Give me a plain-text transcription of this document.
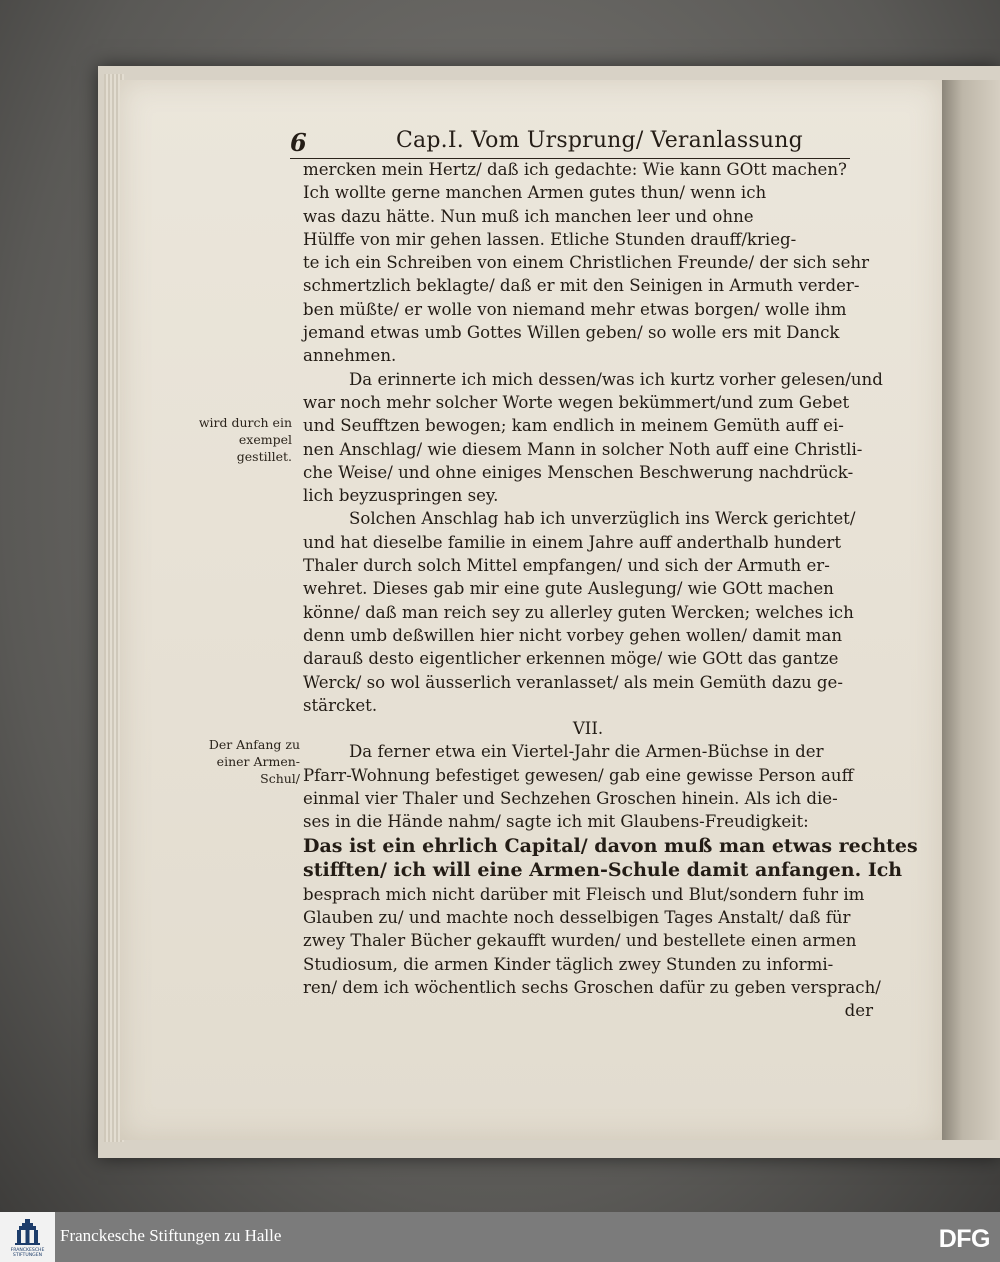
6	Cap.I. Vom Ursprung/ Veranlassung
mercken mein Hertz/ daß ich gedachte: Wie kann GOtt machen?
Ich wollte gerne manchen Armen gutes thun/ wenn ich
was dazu hätte. Nun muß ich manchen leer und ohne
Hülffe von mir gehen lassen. Etliche Stunden drauff/krieg-
te ich ein Schreiben von einem Christlichen Freunde/ der sich sehr
schmertzlich beklagte/ daß er mit den Seinigen in Armuth verder-
ben müßte/ er wolle von niemand mehr etwas borgen/ wolle ihm
jemand etwas umb Gottes Willen geben/ so wolle ers mit Danck
annehmen.
Da erinnerte ich mich dessen/was ich kurtz vorher gelesen/und
war noch mehr solcher Worte wegen bekümmert/und zum Gebet
und Seufftzen bewogen; kam endlich in meinem Gemüth auff ei-
nen Anschlag/ wie diesem Mann in solcher Noth auff eine Christli-
che Weise/ und ohne einiges Menschen Beschwerung nachdrück-
lich beyzuspringen sey.
Solchen Anschlag hab ich unverzüglich ins Werck gerichtet/
und hat dieselbe familie in einem Jahre auff anderthalb hundert
Thaler durch solch Mittel empfangen/ und sich der Armuth er-
wehret. Dieses gab mir eine gute Auslegung/ wie GOtt machen
könne/ daß man reich sey zu allerley guten Wercken; welches ich
denn umb deßwillen hier nicht vorbey gehen wollen/ damit man
darauß desto eigentlicher erkennen möge/ wie GOtt das gantze
Werck/ so wol äusserlich veranlasset/ als mein Gemüth dazu ge-
stärcket.
VII.
Da ferner etwa ein Viertel-Jahr die Armen-Büchse in der
Pfarr-Wohnung befestiget gewesen/ gab eine gewisse Person auff
einmal vier Thaler und Sechzehen Groschen hinein. Als ich die-
ses in die Hände nahm/ sagte ich mit Glaubens-Freudigkeit:
Das ist ein ehrlich Capital/ davon muß man etwas rechtes
stifften/ ich will eine Armen-Schule damit anfangen. Ich
besprach mich nicht darüber mit Fleisch und Blut/sondern fuhr im
Glauben zu/ und machte noch desselbigen Tages Anstalt/ daß für
zwey Thaler Bücher gekaufft wurden/ und bestellete einen armen
Studiosum, die armen Kinder täglich zwey Stunden zu informi-
ren/ dem ich wöchentlich sechs Groschen dafür zu geben versprach/
der
wird durch ein exempel gestillet.
Der Anfang zu einer Armen-Schul/
FRANCKESCHE STIFTUNGEN
Franckesche Stiftungen zu Halle	DFG
